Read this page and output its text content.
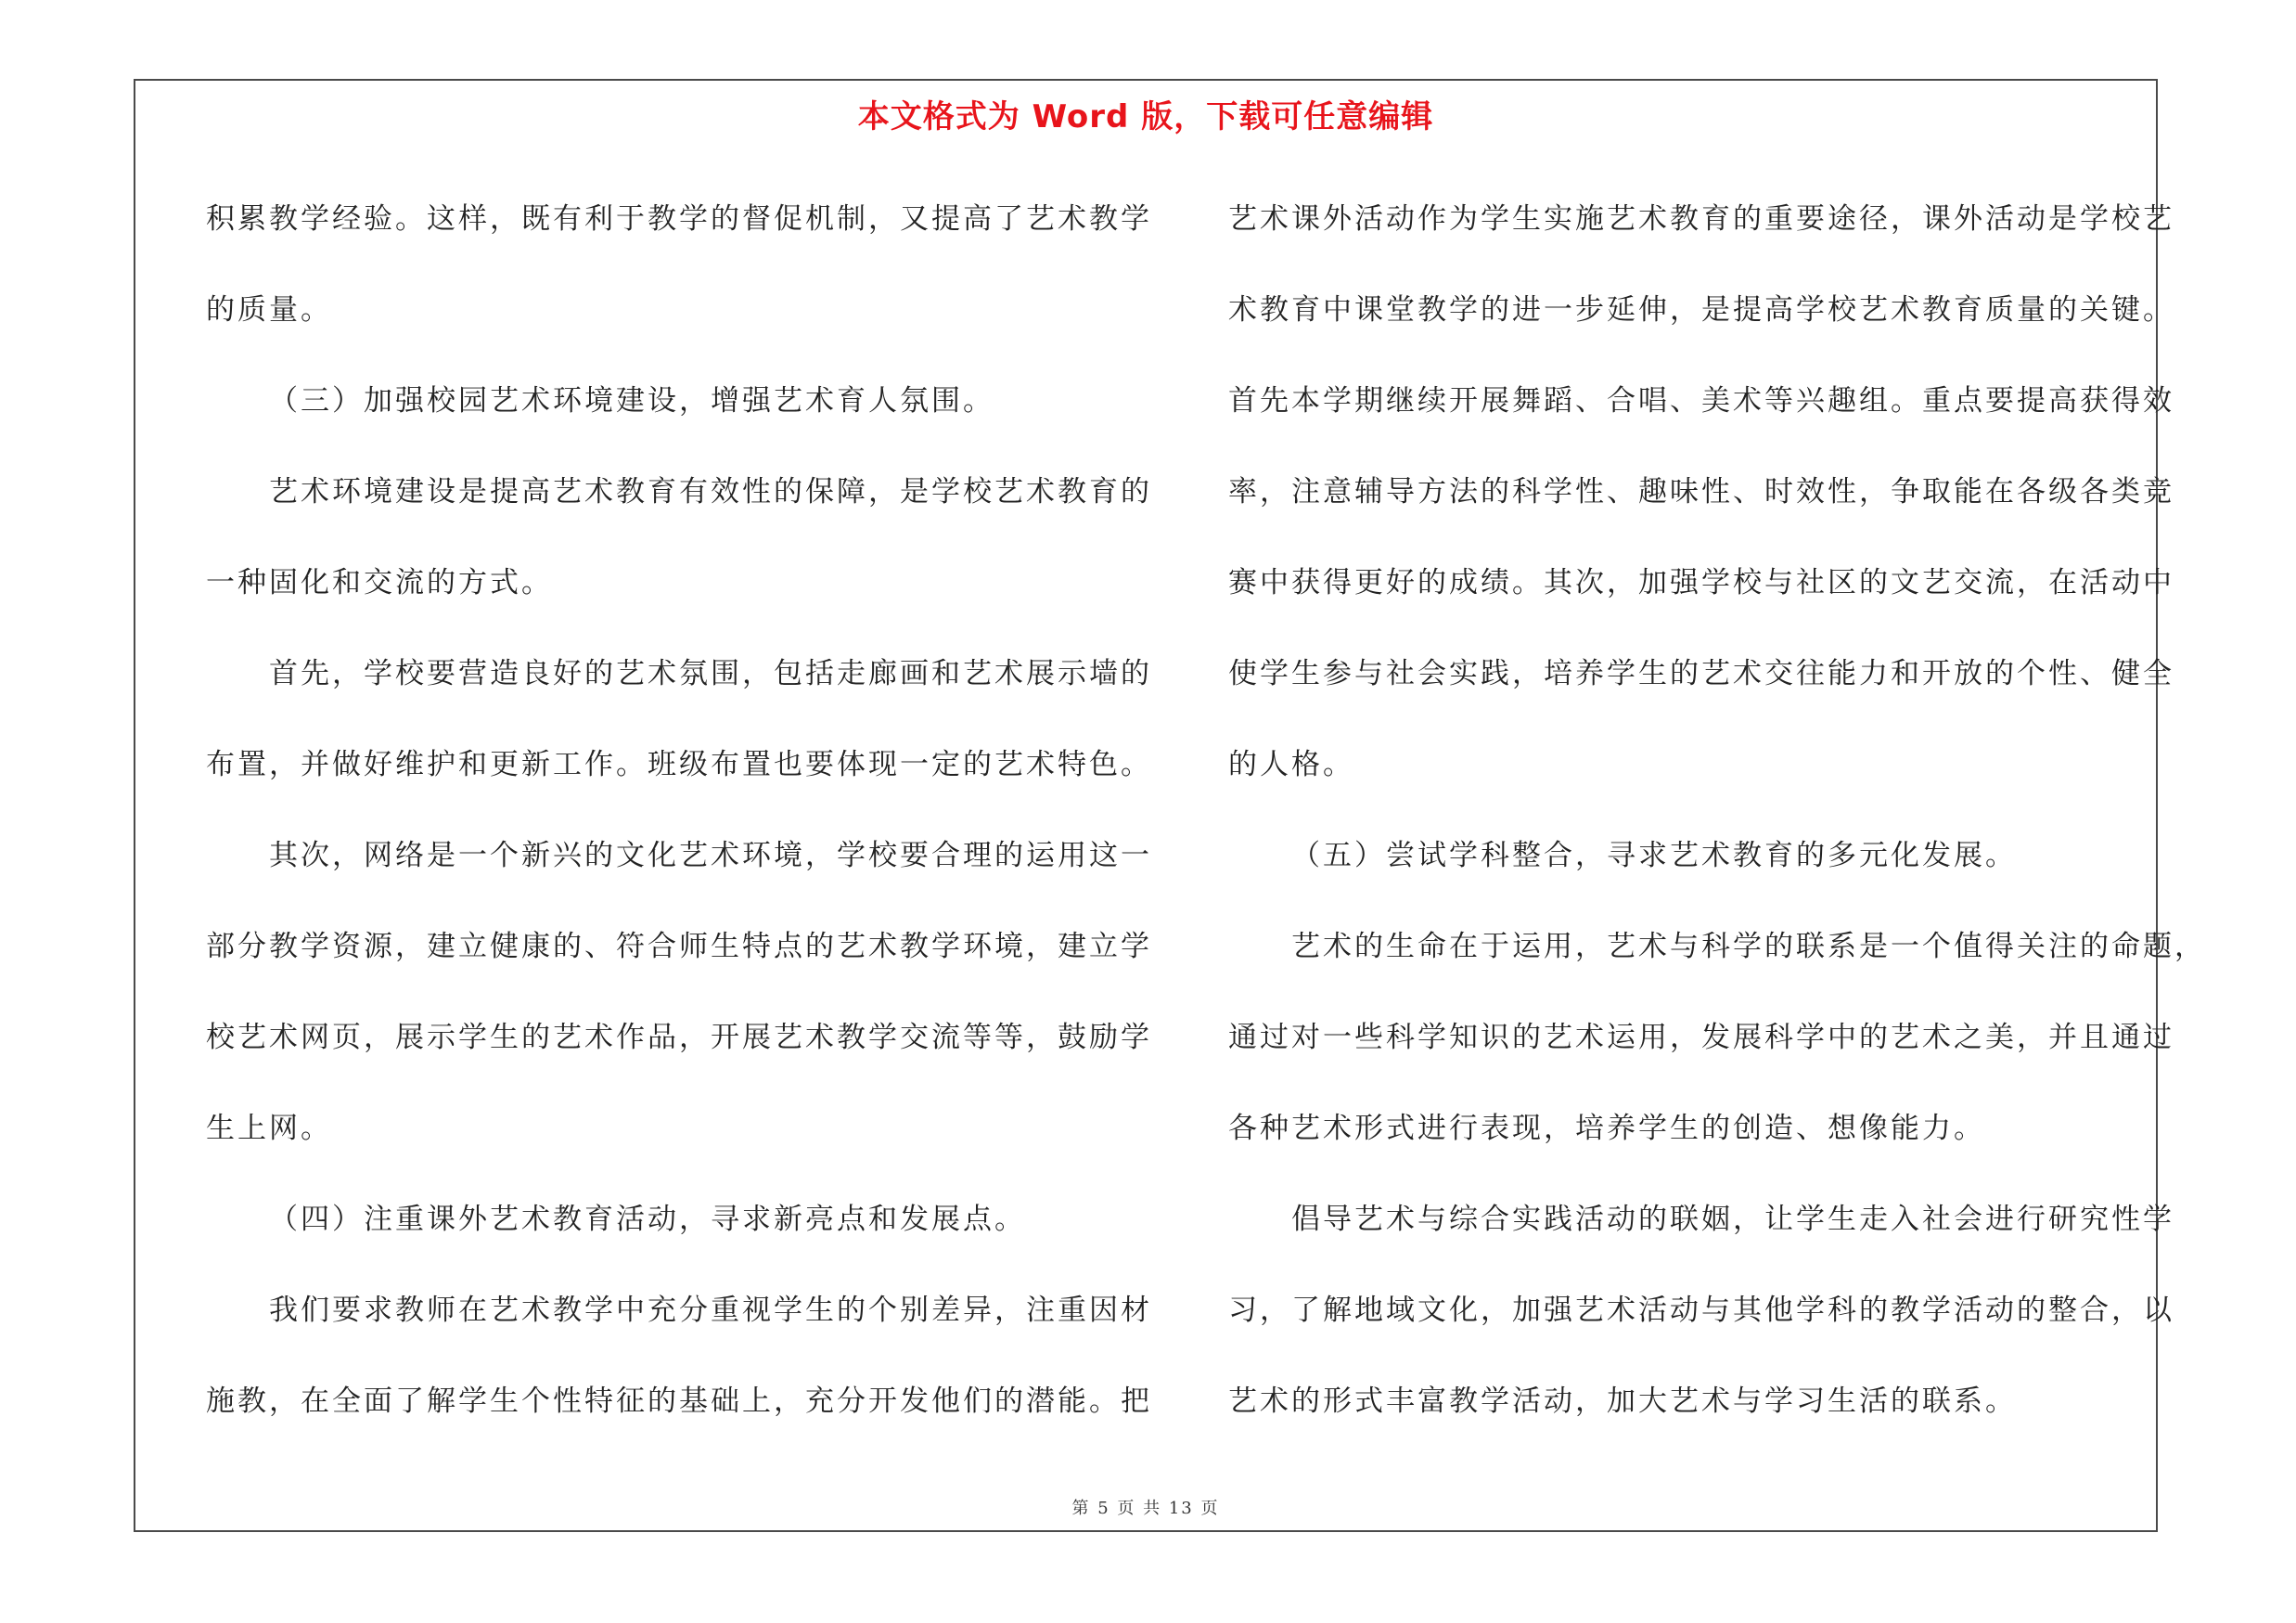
本文格式为 Word 版，下载可任意编辑

积累教学经验。这样，既有利于教学的督促机制，又提高了艺术教学

的质量。

（三）加强校园艺术环境建设，增强艺术育人氛围。

艺术环境建设是提高艺术教育有效性的保障，是学校艺术教育的

一种固化和交流的方式。

首先，学校要营造良好的艺术氛围，包括走廊画和艺术展示墙的

布置，并做好维护和更新工作。班级布置也要体现一定的艺术特色。

其次，网络是一个新兴的文化艺术环境，学校要合理的运用这一

部分教学资源，建立健康的、符合师生特点的艺术教学环境，建立学

校艺术网页，展示学生的艺术作品，开展艺术教学交流等等，鼓励学

生上网。

（四）注重课外艺术教育活动，寻求新亮点和发展点。

我们要求教师在艺术教学中充分重视学生的个别差异，注重因材

施教，在全面了解学生个性特征的基础上，充分开发他们的潜能。把

艺术课外活动作为学生实施艺术教育的重要途径，课外活动是学校艺

术教育中课堂教学的进一步延伸，是提高学校艺术教育质量的关键。

首先本学期继续开展舞蹈、合唱、美术等兴趣组。重点要提高获得效

率，注意辅导方法的科学性、趣味性、时效性，争取能在各级各类竞

赛中获得更好的成绩。其次，加强学校与社区的文艺交流，在活动中

使学生参与社会实践，培养学生的艺术交往能力和开放的个性、健全

的人格。

（五）尝试学科整合，寻求艺术教育的多元化发展。

艺术的生命在于运用，艺术与科学的联系是一个值得关注的命题，

通过对一些科学知识的艺术运用，发展科学中的艺术之美，并且通过

各种艺术形式进行表现，培养学生的创造、想像能力。

倡导艺术与综合实践活动的联姻，让学生走入社会进行研究性学

习，了解地域文化，加强艺术活动与其他学科的教学活动的整合，以

艺术的形式丰富教学活动，加大艺术与学习生活的联系。

第 5 页 共 13 页
